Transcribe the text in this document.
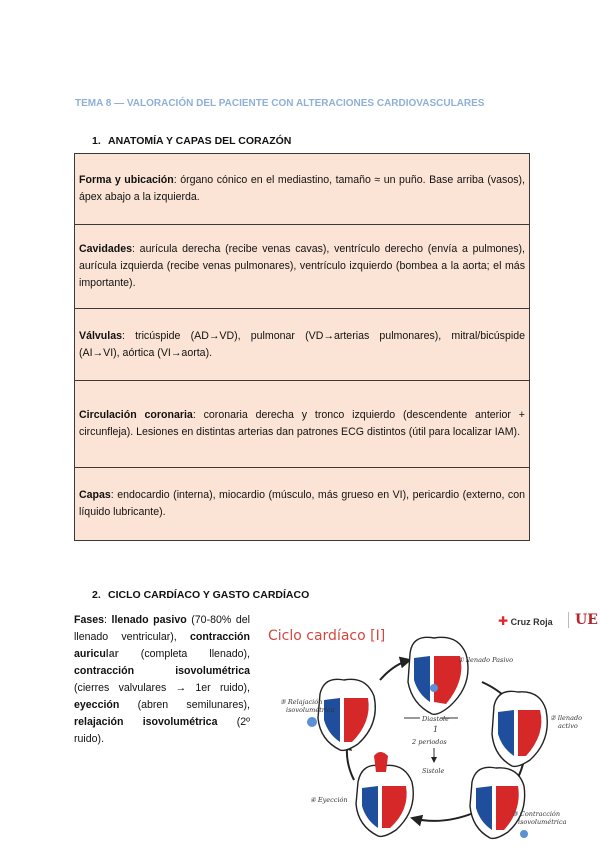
TEMA 8 — VALORACIÓN DEL PACIENTE CON ALTERACIONES CARDIOVASCULARES
1. ANATOMÍA Y CAPAS DEL CORAZÓN

Forma y ubicación: órgano cónico en el mediastino, tamaño ≈ un puño. Base arriba (vasos), ápex abajo a la izquierda.

Cavidades: aurícula derecha (recibe venas cavas), ventrículo derecho (envía a pulmones), aurícula izquierda (recibe venas pulmonares), ventrículo izquierdo (bombea a la aorta; el más importante).

Válvulas: tricúspide (AD→VD), pulmonar (VD→arterias pulmonares), mitral/bicúspide (AI→VI), aórtica (VI→aorta).

Circulación coronaria: coronaria derecha y tronco izquierdo (descendente anterior + circunfleja). Lesiones en distintas arterias dan patrones ECG distintos (útil para localizar IAM).

Capas: endocardio (interna), miocardio (músculo, más grueso en VI), pericardio (externo, con líquido lubricante).

2. CICLO CARDÍACO Y GASTO CARDÍACO
Fases: llenado pasivo (70-80% del llenado ventricular), contracción auricular (completa llenado), contracción isovolumétrica (cierres valvulares → 1er ruido), eyección (abren semilunares), relajación isovolumétrica (2º ruido).
Ciclo cardíaco [I]
✚ Cruz Roja	UE
Diastole
1
2 periodos
Sistole
① llenado Pasivo
② llenado
activo
③ Contracción
isovolumétrica
④ Eyección
⑤ Relajación
isovolumétrica
